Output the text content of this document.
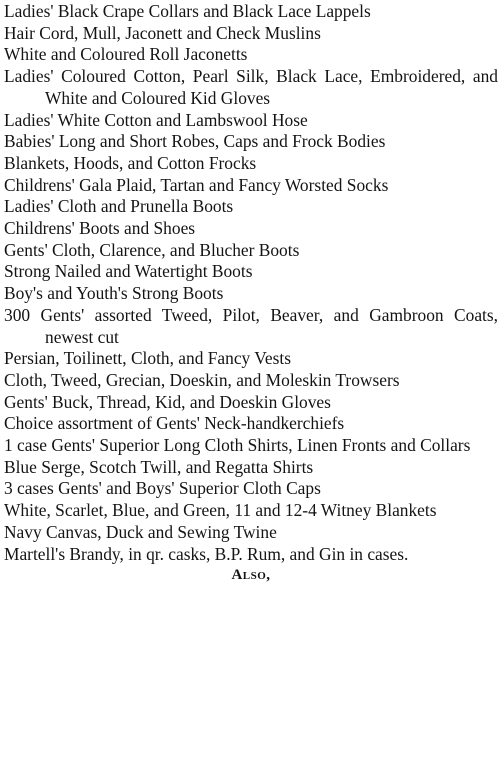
Ladies' Black Crape Collars and Black Lace Lappels
Hair Cord, Mull, Jaconett and Check Muslins
White and Coloured Roll Jaconetts
Ladies' Coloured Cotton, Pearl Silk, Black Lace, Embroidered, and White and Coloured Kid Gloves
Ladies' White Cotton and Lambswool Hose
Babies' Long and Short Robes, Caps and Frock Bodies
Blankets, Hoods, and Cotton Frocks
Childrens' Gala Plaid, Tartan and Fancy Worsted Socks
Ladies' Cloth and Prunella Boots
Childrens' Boots and Shoes
Gents' Cloth, Clarence, and Blucher Boots
Strong Nailed and Watertight Boots
Boy's and Youth's Strong Boots
300 Gents' assorted Tweed, Pilot, Beaver, and Gambroon Coats, newest cut
Persian, Toilinett, Cloth, and Fancy Vests
Cloth, Tweed, Grecian, Doeskin, and Moleskin Trowsers
Gents' Buck, Thread, Kid, and Doeskin Gloves
Choice assortment of Gents' Neck-handkerchiefs
1 case Gents' Superior Long Cloth Shirts, Linen Fronts and Collars
Blue Serge, Scotch Twill, and Regatta Shirts
3 cases Gents' and Boys' Superior Cloth Caps
White, Scarlet, Blue, and Green, 11 and 12-4 Witney Blankets
Navy Canvas, Duck and Sewing Twine
Martell's Brandy, in qr. casks, B.P. Rum, and Gin in cases.
Also,
